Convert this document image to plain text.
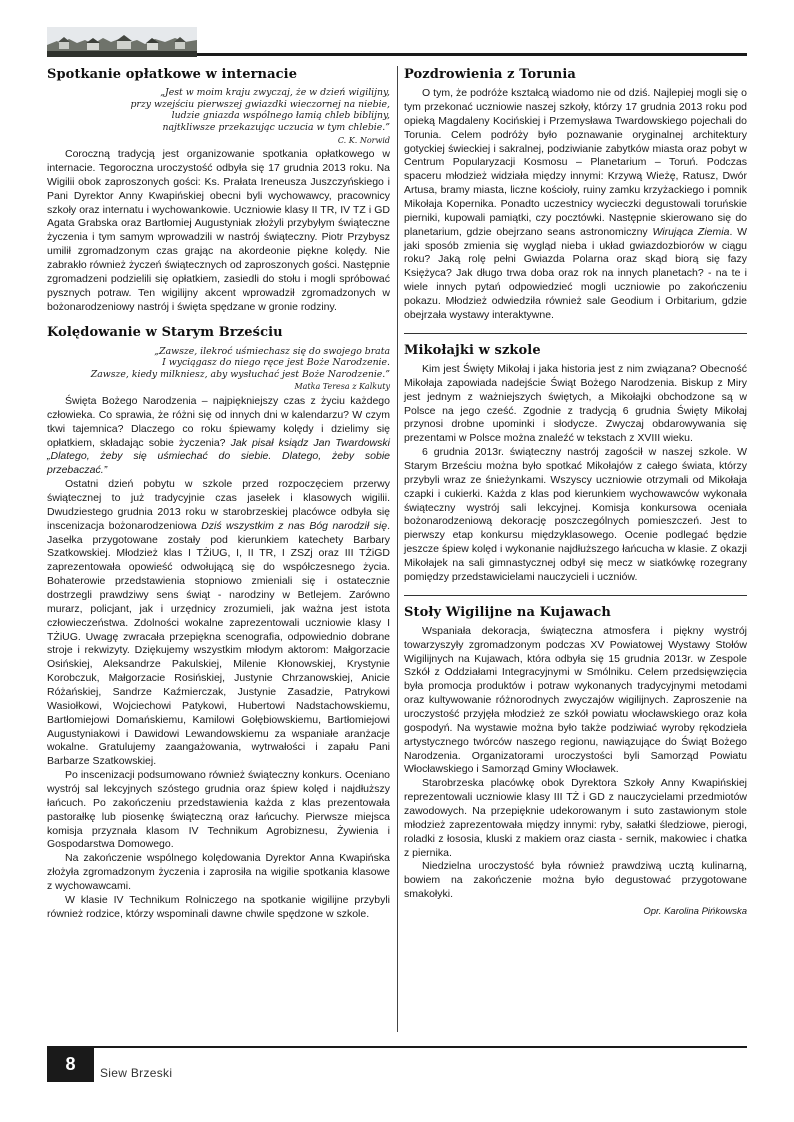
Spotkanie opłatkowe w internacie
„Jest w moim kraju zwyczaj, że w dzień wigilijny,
przy wzejściu pierwszej gwiazdki wieczornej na niebie,
ludzie gniazda wspólnego łamią chleb biblijny,
najtkliwsze przekazując uczucia w tym chlebie.”
C. K. Norwid

Coroczną tradycją jest organizowanie spotkania opłatkowego w internacie. Tegoroczna uroczystość odbyła się 17 grudnia 2013 roku. Na Wigilii obok zaproszonych gości: Ks. Prałata Ireneusza Juszczyńskiego i Pani Dyrektor Anny Kwapińskiej obecni byli wychowawcy, pracownicy szkoły oraz internatu i wychowankowie. Uczniowie klasy II TR, IV TZ i GD Agata Grabska oraz Bartłomiej Augustyniak złożyli przybyłym świąteczne życzenia i tym samym wprowadzili w nastrój świąteczny. Piotr Przybysz umilił zgromadzonym czas grając na akordeonie piękne kolędy. Nie zabrakło również życzeń świątecznych od zaproszonych gości. Następnie zgromadzeni podzielili się opłatkiem, zasiedli do stołu i mogli spróbować pysznych potraw. Ten wigilijny akcent wprowadził zgromadzonych w bożonarodzeniowy nastrój i święta spędzane w gronie rodziny.

Kolędowanie w Starym Brześciu
„Zawsze, ilekroć uśmiechasz się do swojego brata
I wyciągasz do niego ręce jest Boże Narodzenie.
Zawsze, kiedy milkniesz, aby wysłuchać jest Boże Narodzenie.”
Matka Teresa z Kalkuty

Święta Bożego Narodzenia – najpiękniejszy czas z życiu każdego człowieka. Co sprawia, że różni się od innych dni w kalendarzu? W czym tkwi tajemnica? Dlaczego co roku śpiewamy kolędy i dzielimy się opłatkiem, składając sobie życzenia? Jak pisał ksiądz Jan Twardowski „Dlatego, żeby się uśmiechać do siebie. Dlatego, żeby sobie przebaczać.”

Ostatni dzień pobytu w szkole przed rozpoczęciem przerwy świątecznej to już tradycyjnie czas jasełek i klasowych wigilii. Dwudziestego grudnia 2013 roku w starobrzeskiej placówce odbyła się inscenizacja bożonarodzeniowa Dziś wszystkim z nas Bóg narodził się. Jasełka przygotowane zostały pod kierunkiem katechety Barbary Szatkowskiej. Młodzież klas I TŻiUG, I, II TR, I ZSZj oraz III TŻiGD zaprezentowała opowieść odwołującą się do współczesnego życia. Bohaterowie przedstawienia stopniowo zmieniali się i ostatecznie dostrzegli prawdziwy sens świąt - narodziny w Betlejem. Zarówno murarz, policjant, jak i urzędnicy zrozumieli, jak ważna jest istota człowieczeństwa. Zdolności wokalne zaprezentowali uczniowie klasy I TŻiUG. Uwagę zwracała przepiękna scenografia, odpowiednio dobrane stroje i rekwizyty. Dziękujemy wszystkim młodym aktorom: Małgorzacie Osińskiej, Aleksandrze Pakulskiej, Milenie Kłonowskiej, Krystynie Korobczuk, Małgorzacie Rosińskiej, Justynie Chrzanowskiej, Anicie Różańskiej, Sandrze Kaźmierczak, Justynie Zasadzie, Patrykowi Wasiołkowi, Wojciechowi Patykowi, Hubertowi Nadstachowskiemu, Bartłomiejowi Domańskiemu, Kamilowi Gołębiowskiemu, Bartłomiejowi Augustyniakowi i Dawidowi Lewandowskiemu za wspaniałe aranżacje wokalne. Gratulujemy zaangażowania, wytrwałości i zapału Pani Barbarze Szatkowskiej.

Po inscenizacji podsumowano również świąteczny konkurs. Oceniano wystrój sal lekcyjnych szóstego grudnia oraz śpiew kolęd i najdłuższy łańcuch. Po zakończeniu przedstawienia każda z klas prezentowała pastorałkę lub piosenkę świąteczną oraz łańcuchy. Pierwsze miejsca komisja przyznała klasom IV Technikum Agrobiznesu, Żywienia i Gospodarstwa Domowego.

Na zakończenie wspólnego kolędowania Dyrektor Anna Kwapińska złożyła zgromadzonym życzenia i zaprosiła na wigilie spotkania klasowe z wychowawcami.

W klasie IV Technikum Rolniczego na spotkanie wigilijne przybyli również rodzice, którzy wspominali dawne chwile spędzone w szkole.

Pozdrowienia z Torunia

O tym, że podróże kształcą wiadomo nie od dziś. Najlepiej mogli się o tym przekonać uczniowie naszej szkoły, którzy 17 grudnia 2013 roku pod opieką Magdaleny Kocińskiej i Przemysława Twardowskiego pojechali do Torunia. Celem podróży było poznawanie oryginalnej architektury gotyckiej świeckiej i sakralnej, podziwianie zabytków miasta oraz pobyt w Centrum Popularyzacji Kosmosu – Planetarium – Toruń. Podczas spaceru młodzież widziała między innymi: Krzywą Wieżę, Ratusz, Dwór Artusa, bramy miasta, liczne kościoły, ruiny zamku krzyżackiego i pomnik Mikołaja Kopernika. Ponadto uczestnicy wycieczki degustowali toruńskie pierniki, kupowali pamiątki, czy pocztówki. Następnie skierowano się do planetarium, gdzie obejrzano seans astronomiczny Wirująca Ziemia. W jaki sposób zmienia się wygląd nieba i układ gwiazdozbiorów w ciągu roku? Jaką rolę pełni Gwiazda Polarna oraz skąd biorą się fazy Księżyca? Jak długo trwa doba oraz rok na innych planetach? - na te i wiele innych pytań odpowiedzieć mogli uczniowie po zakończeniu pokazu. Młodzież odwiedziła również sale Geodium i Orbitarium, gdzie obejrzała wystawy interaktywne.

Mikołajki w szkole

Kim jest Święty Mikołaj i jaka historia jest z nim związana? Obecność Mikołaja zapowiada nadejście Świąt Bożego Narodzenia. Biskup z Miry jest jednym z ważniejszych świętych, a Mikołajki obchodzone są w Polsce na jego cześć. Zgodnie z tradycją 6 grudnia Święty Mikołaj przynosi drobne upominki i słodycze. Zwyczaj obdarowywania się prezentami w Polsce można znaleźć w tekstach z XVIII wieku.

6 grudnia 2013r. świąteczny nastrój zagościł w naszej szkole. W Starym Brześciu można było spotkać Mikołajów z całego świata, którzy przybyli wraz ze śnieżynkami. Wszyscy uczniowie otrzymali od Mikołaja czapki i cukierki. Każda z klas pod kierunkiem wychowawców wykonała świąteczny wystrój sali lekcyjnej. Komisja konkursowa oceniała bożonarodzeniową dekorację poszczególnych pomieszczeń. Jest to pierwszy etap konkursu międzyklasowego. Ocenie podlegać będzie jeszcze śpiew kolęd i wykonanie najdłuższego łańcucha w klasie. Z okazji Mikołajek na sali gimnastycznej odbył się mecz w siatkówkę rozegrany pomiędzy przedstawicielami nauczycieli i uczniów.

Stoły Wigilijne na Kujawach

Wspaniała dekoracja, świąteczna atmosfera i piękny wystrój towarzyszyły zgromadzonym podczas XV Powiatowej Wystawy Stołów Wigilijnych na Kujawach, która odbyła się 15 grudnia 2013r. w Zespole Szkół z Oddziałami Integracyjnymi w Smólniku. Celem przedsięwzięcia była promocja produktów i potraw wykonanych tradycyjnymi metodami oraz kultywowanie różnorodnych zwyczajów wigilijnych. Zaproszenie na uroczystość przyjęła młodzież ze szkół powiatu włocławskiego oraz koła gospodyń. Na wystawie można było także podziwiać wyroby rękodzieła artystycznego twórców naszego regionu, nawiązujące do Świąt Bożego Narodzenia. Organizatorami uroczystości byli Samorząd Powiatu Włocławskiego i Samorząd Gminy Włocławek.

Starobrzeska placówkę obok Dyrektora Szkoły Anny Kwapińskiej reprezentowali uczniowie klasy III TŻ i GD z nauczycielami przedmiotów zawodowych. Na przepięknie udekorowanym i suto zastawionym stole młodzież zaprezentowała między innymi: ryby, sałatki śledziowe, pierogi, roladki z łososia, kluski z makiem oraz ciasta - sernik, makowiec i chatka z piernika.

Niedzielna uroczystość była również prawdziwą ucztą kulinarną, bowiem na zakończenie można było degustować przygotowane smakołyki.

Opr. Karolina Pińkowska
8	Siew Brzeski
